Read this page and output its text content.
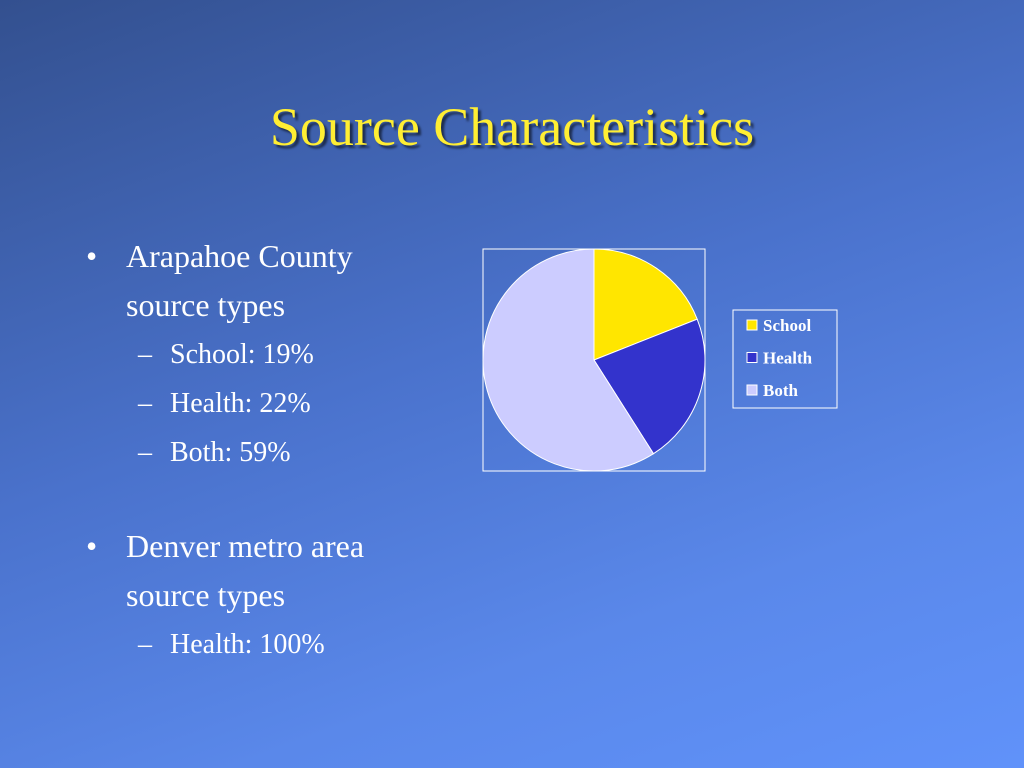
Source Characteristics
• Arapahoe County
source types
– School: 19%
– Health: 22%
– Both: 59%
• Denver metro area
source types
– Health: 100%
School
Health
Both
